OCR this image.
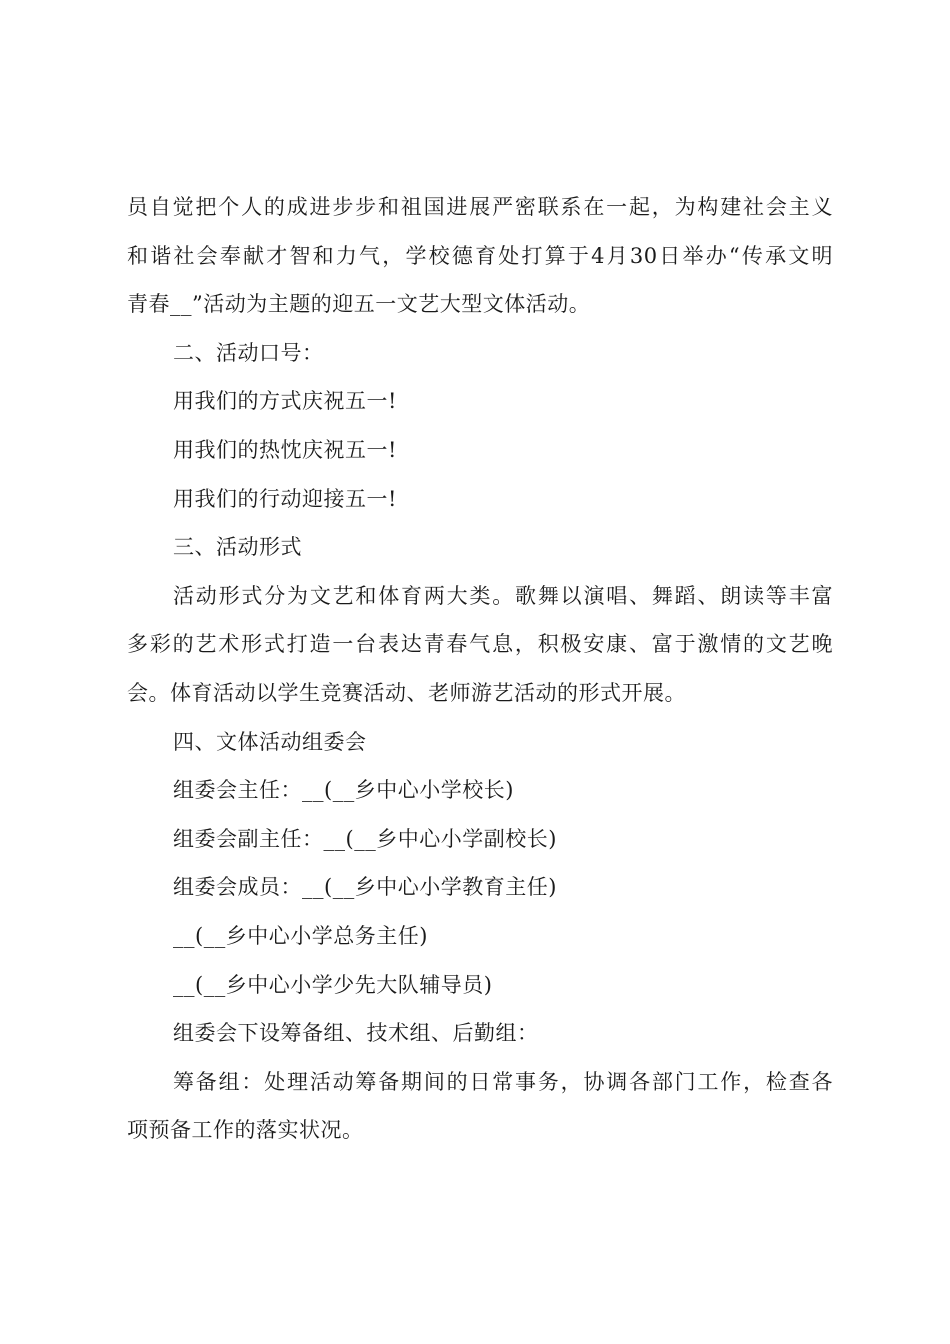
员自觉把个人的成进步步和祖国进展严密联系在一起，为构建社会主义
和谐社会奉献才智和力气，学校德育处打算于4月30日举办“传承文明
青春__”活动为主题的迎五一文艺大型文体活动。
二、活动口号：
用我们的方式庆祝五一!
用我们的热忱庆祝五一!
用我们的行动迎接五一!
三、活动形式
活动形式分为文艺和体育两大类。歌舞以演唱、舞蹈、朗读等丰富
多彩的艺术形式打造一台表达青春气息，积极安康、富于激情的文艺晚
会。体育活动以学生竞赛活动、老师游艺活动的形式开展。
四、文体活动组委会
组委会主任：__(__乡中心小学校长)
组委会副主任：__(__乡中心小学副校长)
组委会成员：__(__乡中心小学教育主任)
__(__乡中心小学总务主任)
__(__乡中心小学少先大队辅导员)
组委会下设筹备组、技术组、后勤组：
筹备组：处理活动筹备期间的日常事务，协调各部门工作，检查各
项预备工作的落实状况。
